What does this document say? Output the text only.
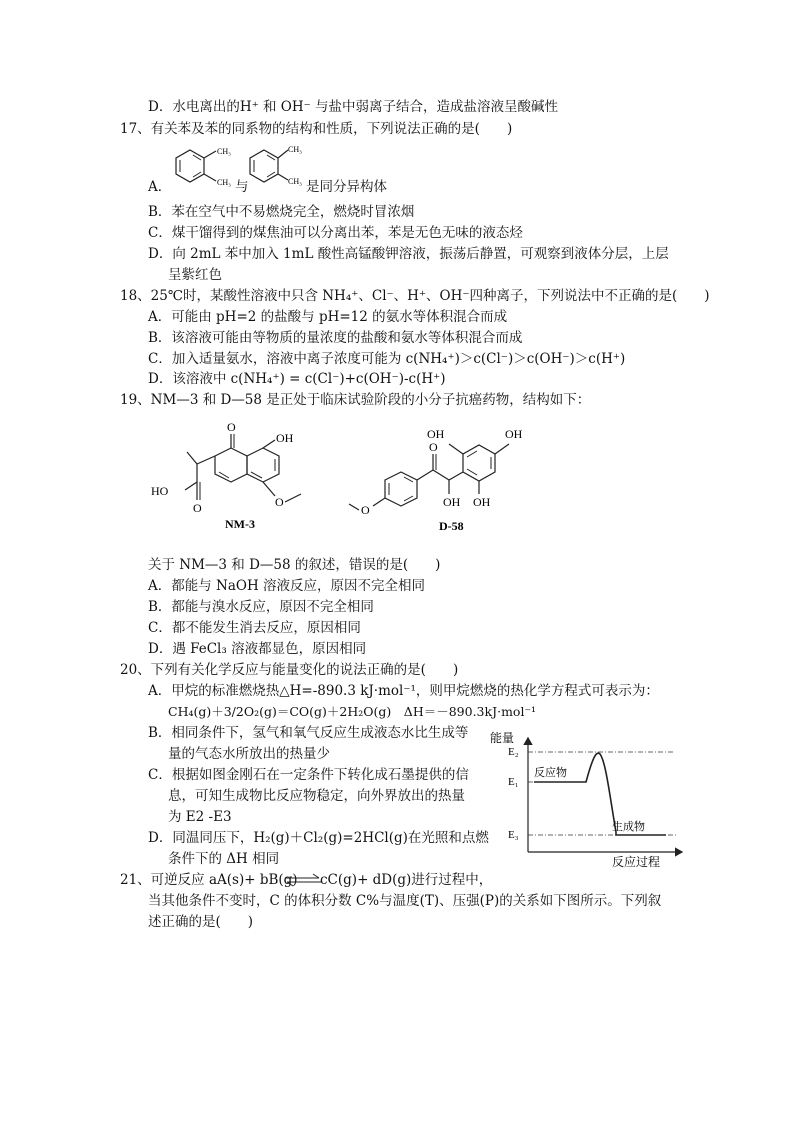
D．水电离出的H⁺ 和 OH⁻ 与盐中弱离子结合，造成盐溶液呈酸碱性
17、有关苯及苯的同系物的结构和性质，下列说法正确的是(　　)
A．
CH₃
CH₃ 与
CH₃
CH₃ 是同分异构体
B．苯在空气中不易燃烧完全，燃烧时冒浓烟
C．煤干馏得到的煤焦油可以分离出苯，苯是无色无味的液态烃
D．向 2mL 苯中加入 1mL 酸性高锰酸钾溶液，振荡后静置，可观察到液体分层，上层
呈紫红色
18、25℃时，某酸性溶液中只含 NH₄⁺、Cl⁻、H⁺、OH⁻四种离子，下列说法中不正确的是(　　)
A．可能由 pH=2 的盐酸与 pH=12 的氨水等体积混合而成
B．该溶液可能由等物质的量浓度的盐酸和氨水等体积混合而成
C．加入适量氨水，溶液中离子浓度可能为 c(NH₄⁺)＞c(Cl⁻)＞c(OH⁻)＞c(H⁺)
D．该溶液中 c(NH₄⁺) = c(Cl⁻)+c(OH⁻)-c(H⁺)
19、NM—3 和 D—58 是正处于临床试验阶段的小分子抗癌药物，结构如下：
O
OH
O
HO
O
NM-3
O
O
OH
OH	OH
OH
D-58
关于 NM—3 和 D—58 的叙述，错误的是(　　)
A．都能与 NaOH 溶液反应，原因不完全相同
B．都能与溴水反应，原因不完全相同
C．都不能发生消去反应，原因相同
D．遇 FeCl₃ 溶液都显色，原因相同
20、下列有关化学反应与能量变化的说法正确的是(　　)
A．甲烷的标准燃烧热△H=-890.3 kJ·mol⁻¹，则甲烷燃烧的热化学方程式可表示为：
CH₄(g)＋3/2O₂(g)＝CO(g)＋2H₂O(g)　ΔH＝－890.3kJ·mol⁻¹
B．相同条件下，氢气和氧气反应生成液态水比生成等
量的气态水所放出的热量少
C．根据如图金刚石在一定条件下转化成石墨提供的信
息，可知生成物比反应物稳定，向外界放出的热量
为 E2 -E3
D．同温同压下，H₂(g)＋Cl₂(g)=2HCl(g)在光照和点燃
条件下的 ΔH 相同
能量
反应过程
E₂
E₁
E₃
反应物
生成物
21、可逆反应 aA(s)+ bB(g) cC(g)+ dD(g)进行过程中，
当其他条件不变时，C 的体积分数 C%与温度(T)、压强(P)的关系如下图所示。下列叙
述正确的是(　　)
